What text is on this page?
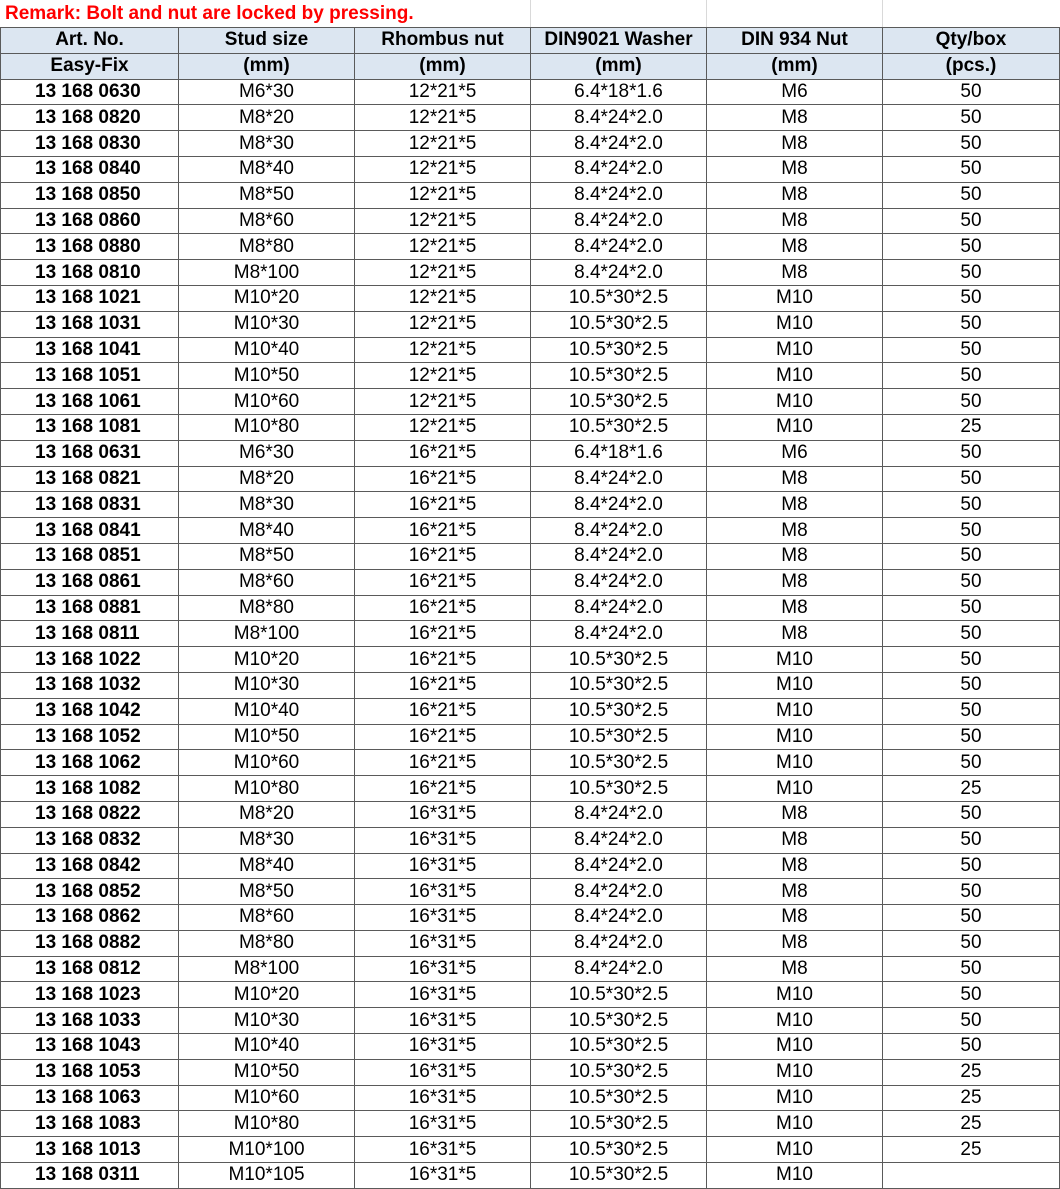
Remark: Bolt and nut are locked by pressing.
Art. No.	Stud size	Rhombus nut	DIN9021 Washer	DIN 934 Nut	Qty/box
Easy-Fix	(mm)	(mm)	(mm)	(mm)	(pcs.)
13 168 0630	M6*30	12*21*5	6.4*18*1.6	M6	50
13 168 0820	M8*20	12*21*5	8.4*24*2.0	M8	50
13 168 0830	M8*30	12*21*5	8.4*24*2.0	M8	50
13 168 0840	M8*40	12*21*5	8.4*24*2.0	M8	50
13 168 0850	M8*50	12*21*5	8.4*24*2.0	M8	50
13 168 0860	M8*60	12*21*5	8.4*24*2.0	M8	50
13 168 0880	M8*80	12*21*5	8.4*24*2.0	M8	50
13 168 0810	M8*100	12*21*5	8.4*24*2.0	M8	50
13 168 1021	M10*20	12*21*5	10.5*30*2.5	M10	50
13 168 1031	M10*30	12*21*5	10.5*30*2.5	M10	50
13 168 1041	M10*40	12*21*5	10.5*30*2.5	M10	50
13 168 1051	M10*50	12*21*5	10.5*30*2.5	M10	50
13 168 1061	M10*60	12*21*5	10.5*30*2.5	M10	50
13 168 1081	M10*80	12*21*5	10.5*30*2.5	M10	25
13 168 0631	M6*30	16*21*5	6.4*18*1.6	M6	50
13 168 0821	M8*20	16*21*5	8.4*24*2.0	M8	50
13 168 0831	M8*30	16*21*5	8.4*24*2.0	M8	50
13 168 0841	M8*40	16*21*5	8.4*24*2.0	M8	50
13 168 0851	M8*50	16*21*5	8.4*24*2.0	M8	50
13 168 0861	M8*60	16*21*5	8.4*24*2.0	M8	50
13 168 0881	M8*80	16*21*5	8.4*24*2.0	M8	50
13 168 0811	M8*100	16*21*5	8.4*24*2.0	M8	50
13 168 1022	M10*20	16*21*5	10.5*30*2.5	M10	50
13 168 1032	M10*30	16*21*5	10.5*30*2.5	M10	50
13 168 1042	M10*40	16*21*5	10.5*30*2.5	M10	50
13 168 1052	M10*50	16*21*5	10.5*30*2.5	M10	50
13 168 1062	M10*60	16*21*5	10.5*30*2.5	M10	50
13 168 1082	M10*80	16*21*5	10.5*30*2.5	M10	25
13 168 0822	M8*20	16*31*5	8.4*24*2.0	M8	50
13 168 0832	M8*30	16*31*5	8.4*24*2.0	M8	50
13 168 0842	M8*40	16*31*5	8.4*24*2.0	M8	50
13 168 0852	M8*50	16*31*5	8.4*24*2.0	M8	50
13 168 0862	M8*60	16*31*5	8.4*24*2.0	M8	50
13 168 0882	M8*80	16*31*5	8.4*24*2.0	M8	50
13 168 0812	M8*100	16*31*5	8.4*24*2.0	M8	50
13 168 1023	M10*20	16*31*5	10.5*30*2.5	M10	50
13 168 1033	M10*30	16*31*5	10.5*30*2.5	M10	50
13 168 1043	M10*40	16*31*5	10.5*30*2.5	M10	50
13 168 1053	M10*50	16*31*5	10.5*30*2.5	M10	25
13 168 1063	M10*60	16*31*5	10.5*30*2.5	M10	25
13 168 1083	M10*80	16*31*5	10.5*30*2.5	M10	25
13 168 1013	M10*100	16*31*5	10.5*30*2.5	M10	25
13 168 0311	M10*105	16*31*5	10.5*30*2.5	M10	
